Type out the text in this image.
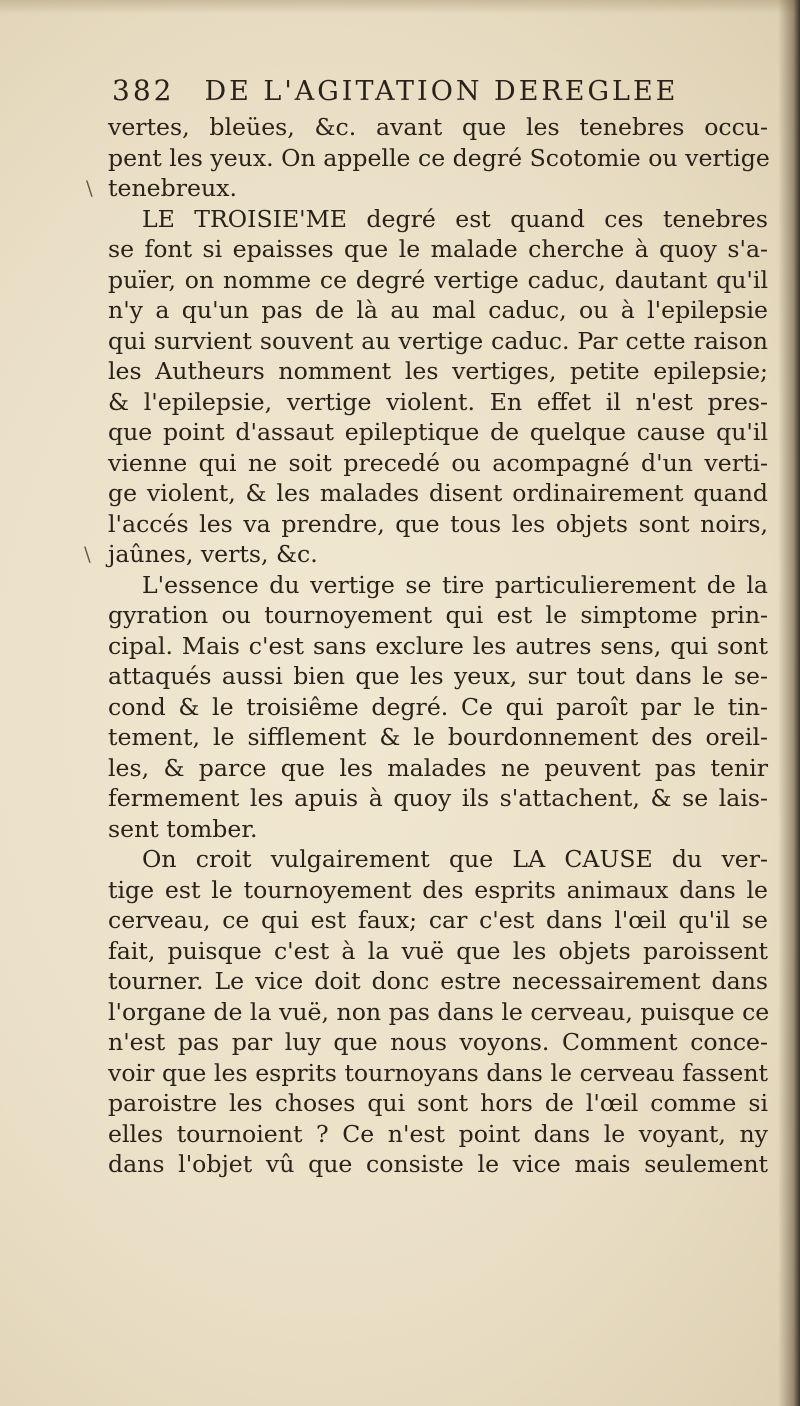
382 DE L'AGITATION DEREGLEE
vertes, bleües, &c. avant que les tenebres occu-
pent les yeux. On appelle ce degré Scotomie ou vertige
tenebreux.
LE TROISIE'ME degré est quand ces tenebres
se font si epaisses que le malade cherche à quoy s'a-
puïer, on nomme ce degré vertige caduc, dautant qu'il
n'y a qu'un pas de là au mal caduc, ou à l'epilepsie
qui survient souvent au vertige caduc. Par cette raison
les Autheurs nomment les vertiges, petite epilepsie;
& l'epilepsie, vertige violent. En effet il n'est pres-
que point d'assaut epileptique de quelque cause qu'il
vienne qui ne soit precedé ou acompagné d'un verti-
ge violent, & les malades disent ordinairement quand
l'accés les va prendre, que tous les objets sont noirs,
jaûnes, verts, &c.
L'essence du vertige se tire particulierement de la
gyration ou tournoyement qui est le simptome prin-
cipal. Mais c'est sans exclure les autres sens, qui sont
attaqués aussi bien que les yeux, sur tout dans le se-
cond & le troisiême degré. Ce qui paroît par le tin-
tement, le sifflement & le bourdonnement des oreil-
les, & parce que les malades ne peuvent pas tenir
fermement les apuis à quoy ils s'attachent, & se lais-
sent tomber.
On croit vulgairement que LA CAUSE du ver-
tige est le tournoyement des esprits animaux dans le
cerveau, ce qui est faux; car c'est dans l'œil qu'il se
fait, puisque c'est à la vuë que les objets paroissent
tourner. Le vice doit donc estre necessairement dans
l'organe de la vuë, non pas dans le cerveau, puisque ce
n'est pas par luy que nous voyons. Comment conce-
voir que les esprits tournoyans dans le cerveau fassent
paroistre les choses qui sont hors de l'œil comme si
elles tournoient ? Ce n'est point dans le voyant, ny
dans l'objet vû que consiste le vice mais seulement
\
\
